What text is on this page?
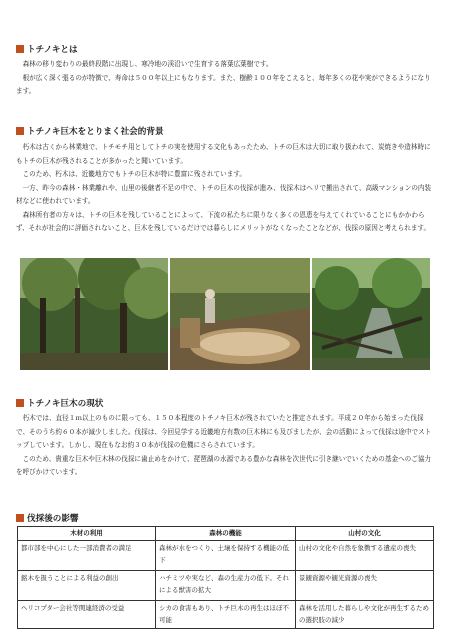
トチノキとは

森林の移り変わりの最終段階に出現し、寒冷地の渓沿いで生育する落葉広葉樹です。

根が広く深く張るのが特徴で、寿命は５００年以上にもなります。また、樹齢１００年をこえると、毎年多くの花や実ができるようになります。

トチノキ巨木をとりまく社会的背景

朽木は古くから林業地で、トチモチ用としてトチの実を使用する文化もあったため、トチの巨木は大切に取り扱われて、炭焼きや造林時にもトチの巨木が残されることが多かったと聞いています。

このため、朽木は、近畿地方でもトチの巨木が特に豊富に残されています。

一方、昨今の森林・林業離れや、山里の後継者不足の中で、トチの巨木の伐採が進み、伐採木はヘリで搬出されて、高級マンションの内装材などに使われています。

森林所有者の方々は、トチの巨木を残していることによって、下流の私たちに限りなく多くの恩恵を与えてくれていることにもかかわらず、それが社会的に評価されないこと、巨木を残しているだけでは暮らしにメリットがなくなったことなどが、伐採の原因と考えられます。

トチノキ巨木の現状

朽木では、直径１ｍ以上のものに限っても、１５０本程度のトチノキ巨木が残されていたと推定されます。平成２０年から始まった伐採で、そのうち約６０本が減少しました。伐採は、今回見学する近畿地方有数の巨木林にも及びましたが、会の活動によって伐採は途中でストップしています。しかし、現在もなお約３０本が伐採の危機にさらされています。

このため、貴重な巨木や巨木林の伐採に歯止めをかけて、琵琶湖の水源である豊かな森林を次世代に引き継いでいくための基金へのご協力を呼びかけています。

伐採後の影響
木材の利用	森林の機能	山村の文化
都市部を中心にした一部消費者の満足	森林が水をつくり、土壌を保持する機能の低下	山村の文化や自然を象徴する遺産の喪失
銘木を扱うことによる利益の創出	ハチミツや実など、森の生産力の低下。それによる獣害の拡大	景観資源や観光資源の喪失
ヘリコプター会社等関連経済の受益	シカの食害もあり、トチ巨木の再生はほぼ不可能	森林を活用した暮らしや文化が再生するための選択肢の減少
